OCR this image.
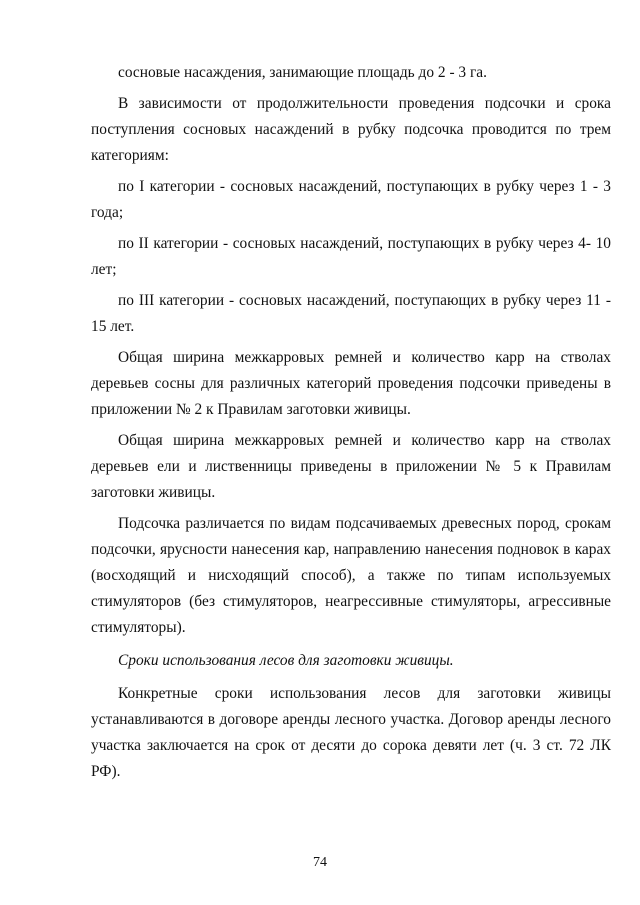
сосновые насаждения, занимающие площадь до 2 - 3 га.

В зависимости от продолжительности проведения подсочки и срока поступления сосновых насаждений в рубку подсочка проводится по трем категориям:

по I категории - сосновых насаждений, поступающих в рубку через 1 - 3 года;

по II категории - сосновых насаждений, поступающих в рубку через 4- 10 лет;

по III категории - сосновых насаждений, поступающих в рубку через 11 - 15 лет.

Общая ширина межкарровых ремней и количество карр на стволах деревьев сосны для различных категорий проведения подсочки приведены в приложении № 2 к Правилам заготовки живицы.

Общая ширина межкарровых ремней и количество карр на стволах деревьев ели и лиственницы приведены в приложении № 5 к Правилам заготовки живицы.

Подсочка различается по видам подсачиваемых древесных пород, срокам подсочки, ярусности нанесения кар, направлению нанесения подновок в карах (восходящий и нисходящий способ), а также по типам используемых стимуляторов (без стимуляторов, неагрессивные стимуляторы, агрессивные стимуляторы).

Сроки использования лесов для заготовки живицы.

Конкретные сроки использования лесов для заготовки живицы устанавливаются в договоре аренды лесного участка. Договор аренды лесного участка заключается на срок от десяти до сорока девяти лет (ч. 3 ст. 72 ЛК РФ).

74
